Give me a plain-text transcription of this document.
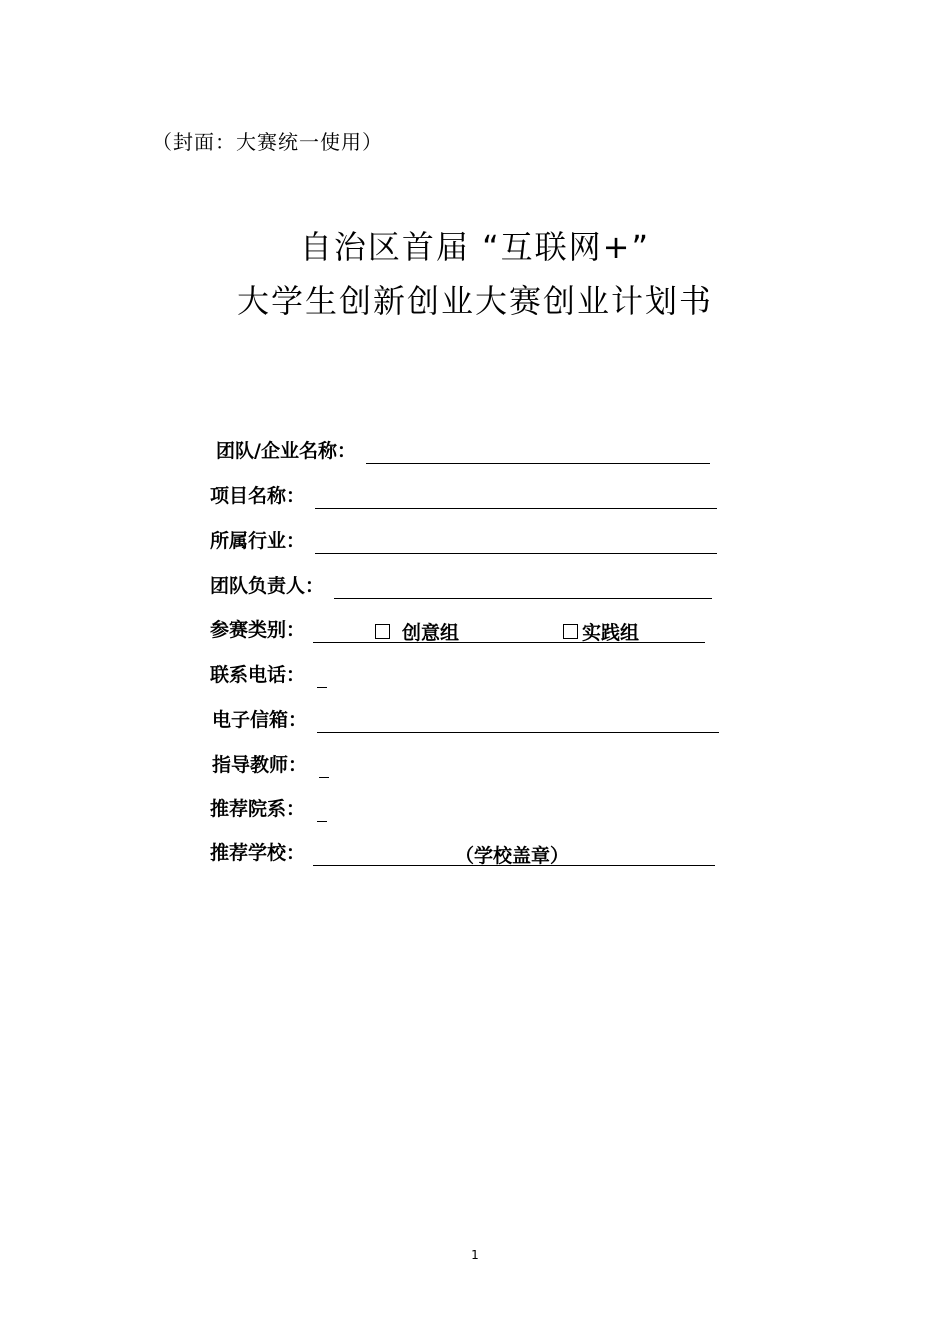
（封面：大赛统一使用）
自治区首届 “互联网+”
大学生创新创业大赛创业计划书
团队/企业名称：
项目名称：
所属行业：
团队负责人：
参赛类别：	创意组	实践组
联系电话：
电子信箱：
指导教师：
推荐院系：
推荐学校：	（学校盖章）
1
